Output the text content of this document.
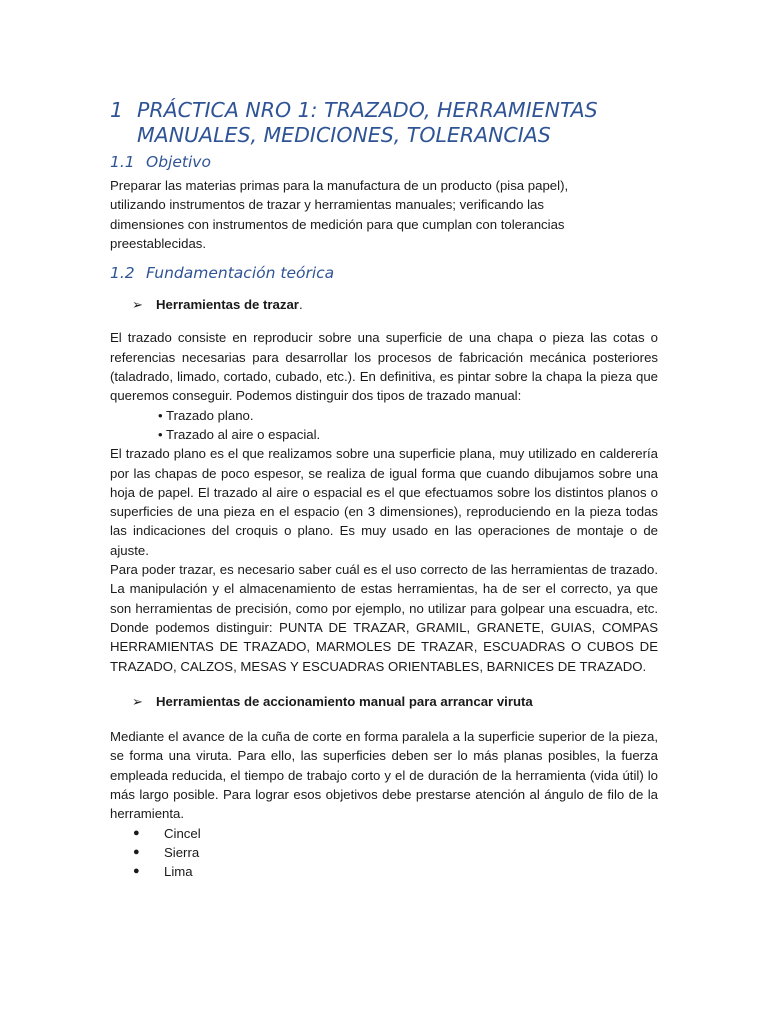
1 PRÁCTICA NRO 1: TRAZADO, HERRAMIENTAS
MANUALES, MEDICIONES, TOLERANCIAS
1.1 Objetivo

Preparar las materias primas para la manufactura de un producto (pisa papel),
utilizando instrumentos de trazar y herramientas manuales; verificando las
dimensiones con instrumentos de medición para que cumplan con tolerancias
preestablecidas.

1.2 Fundamentación teórica
➢ Herramientas de trazar .

El trazado consiste en reproducir sobre una superficie de una chapa o pieza las cotas o referencias necesarias para desarrollar los procesos de fabricación mecánica posteriores (taladrado, limado, cortado, cubado, etc.). En definitiva, es pintar sobre la chapa la pieza que queremos conseguir. Podemos distinguir dos tipos de trazado manual:

• Trazado plano.
• Trazado al aire o espacial.

El trazado plano es el que realizamos sobre una superficie plana, muy utilizado en calderería por las chapas de poco espesor, se realiza de igual forma que cuando dibujamos sobre una hoja de papel. El trazado al aire o espacial es el que efectuamos sobre los distintos planos o superficies de una pieza en el espacio (en 3 dimensiones), reproduciendo en la pieza todas las indicaciones del croquis o plano. Es muy usado en las operaciones de montaje o de ajuste.

Para poder trazar, es necesario saber cuál es el uso correcto de las herramientas de trazado. La manipulación y el almacenamiento de estas herramientas, ha de ser el correcto, ya que son herramientas de precisión, como por ejemplo, no utilizar para golpear una escuadra, etc. Donde podemos distinguir: PUNTA DE TRAZAR, GRAMIL, GRANETE, GUIAS, COMPAS HERRAMIENTAS DE TRAZADO, MARMOLES DE TRAZAR, ESCUADRAS O CUBOS DE TRAZADO, CALZOS, MESAS Y ESCUADRAS ORIENTABLES, BARNICES DE TRAZADO.

➢ Herramientas de accionamiento manual para arrancar viruta

Mediante el avance de la cuña de corte en forma paralela a la superficie superior de la pieza, se forma una viruta. Para ello, las superficies deben ser lo más planas posibles, la fuerza empleada reducida, el tiempo de trabajo corto y el de duración de la herramienta (vida útil) lo más largo posible. Para lograr esos objetivos debe prestarse atención al ángulo de filo de la herramienta.

●	Cincel
●	Sierra
●	Lima
